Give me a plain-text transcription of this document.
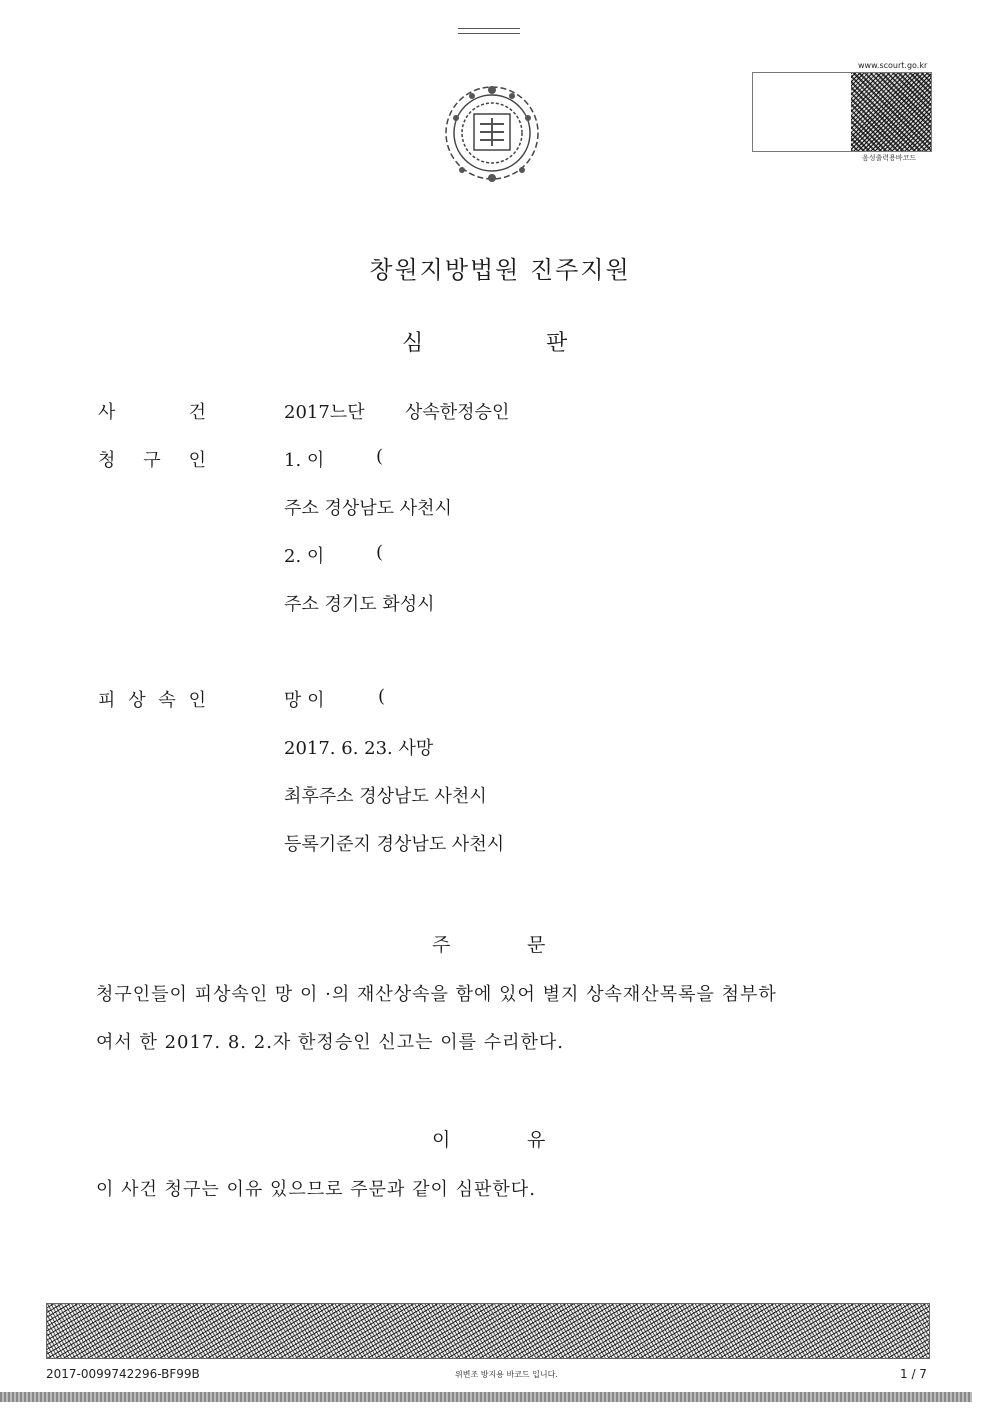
www.scourt.go.kr
음성출력용바코드
창원지방법원 진주지원
심	판
사	건	2017느단 상속한정승인
청 구 인	1. 이	(
주소 경상남도 사천시
2. 이	(
주소 경기도 화성시
피 상 속 인	망 이	(
2017. 6. 23. 사망
최후주소 경상남도 사천시
등록기준지 경상남도 사천시
주	문
청구인들이 피상속인 망 이 ·의 재산상속을 함에 있어 별지 상속재산목록을 첨부하
여서 한 2017. 8. 2.자 한정승인 신고는 이를 수리한다.
이	유
이 사건 청구는 이유 있으므로 주문과 같이 심판한다.
2017-0099742296-BF99B	위변조 방지용 바코드 입니다.	1 / 7
